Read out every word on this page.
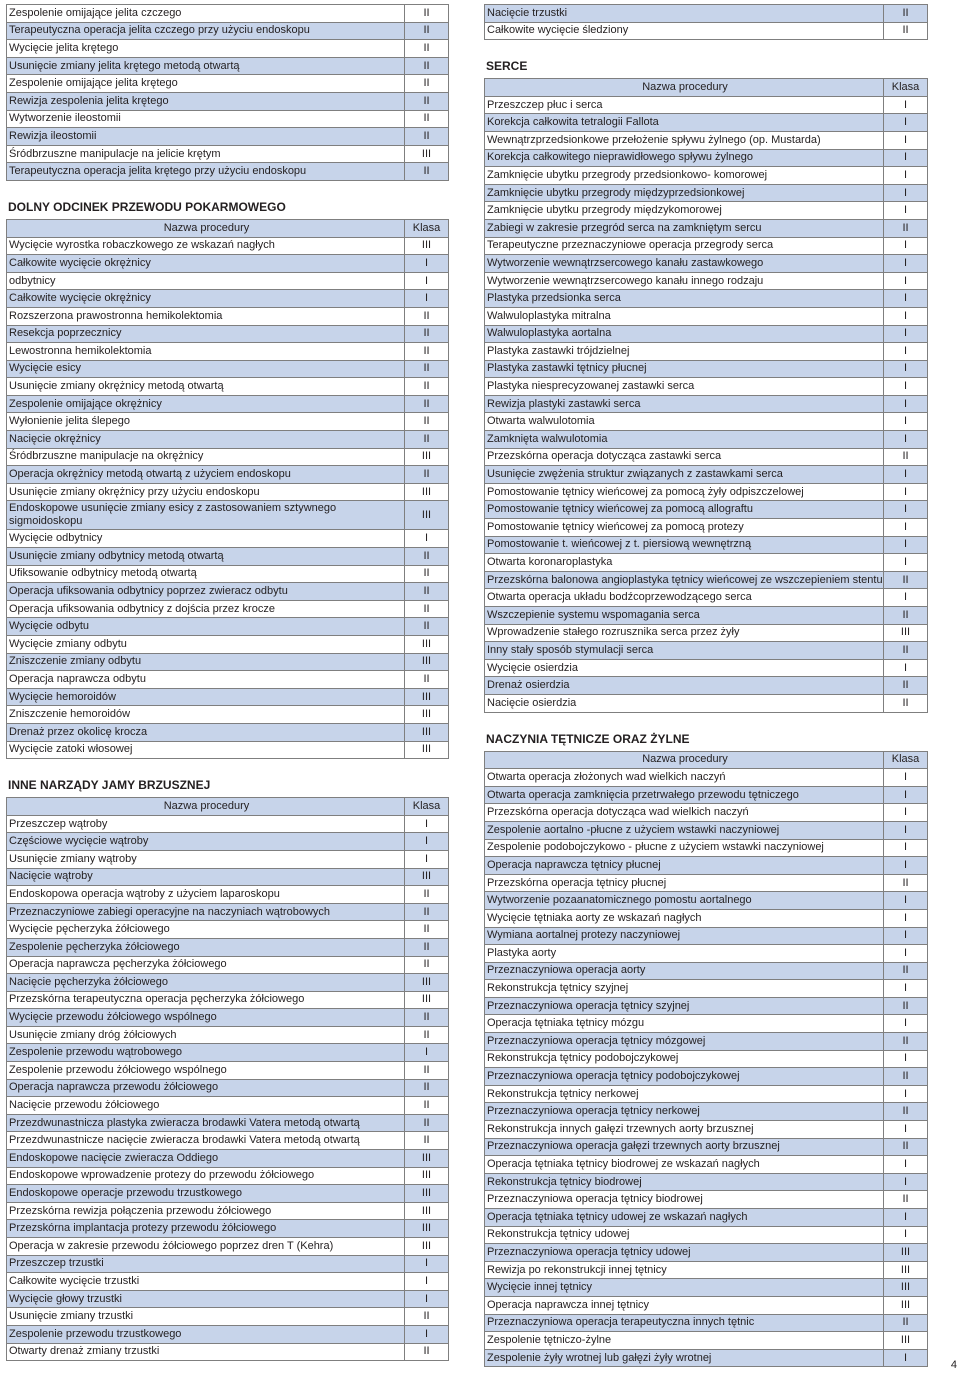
Zespolenie omijające jelita czczego	II
Terapeutyczna operacja jelita czczego przy użyciu endoskopu	II
Wycięcie jelita krętego	II
Usunięcie zmiany jelita krętego metodą otwartą	II
Zespolenie omijające jelita krętego	II
Rewizja zespolenia jelita krętego	II
Wytworzenie ileostomii	II
Rewizja ileostomii	II
Śródbrzuszne manipulacje na jelicie krętym	III
Terapeutyczna operacja jelita krętego przy użyciu endoskopu	II
DOLNY ODCINEK PRZEWODU POKARMOWEGO
Nazwa procedury	Klasa
Wycięcie wyrostka robaczkowego ze wskazań nagłych	III
Całkowite wycięcie okrężnicy	I
odbytnicy	I
Całkowite wycięcie okrężnicy	I
Rozszerzona prawostronna hemikolektomia	II
Resekcja poprzecznicy	II
Lewostronna hemikolektomia	II
Wycięcie esicy	II
Usunięcie zmiany okrężnicy metodą otwartą	II
Zespolenie omijające okrężnicy	II
Wyłonienie jelita ślepego	II
Nacięcie okrężnicy	II
Śródbrzuszne manipulacje na okrężnicy	III
Operacja okrężnicy metodą otwartą z użyciem endoskopu	II
Usunięcie zmiany okrężnicy przy użyciu endoskopu	III
Endoskopowe usunięcie zmiany esicy z zastosowaniem sztywnego sigmoidoskopu	III
Wycięcie odbytnicy	I
Usunięcie zmiany odbytnicy metodą otwartą	II
Ufiksowanie odbytnicy metodą otwartą	II
Operacja ufiksowania odbytnicy poprzez zwieracz odbytu	II
Operacja ufiksowania odbytnicy z dojścia przez krocze	II
Wycięcie odbytu	II
Wycięcie zmiany odbytu	III
Zniszczenie zmiany odbytu	III
Operacja naprawcza odbytu	II
Wycięcie hemoroidów	III
Zniszczenie hemoroidów	III
Drenaż przez okolicę krocza	III
Wycięcie zatoki włosowej	III
INNE NARZĄDY JAMY BRZUSZNEJ
Nazwa procedury	Klasa
Przeszczep wątroby	I
Częściowe wycięcie wątroby	I
Usunięcie zmiany wątroby	I
Nacięcie wątroby	III
Endoskopowa operacja wątroby z użyciem laparoskopu	II
Przeznaczyniowe zabiegi operacyjne na naczyniach wątrobowych	II
Wycięcie pęcherzyka żółciowego	II
Zespolenie pęcherzyka żółciowego	II
Operacja naprawcza pęcherzyka żółciowego	II
Nacięcie pęcherzyka żółciowego	III
Przezskórna terapeutyczna operacja pęcherzyka żółciowego	III
Wycięcie przewodu żółciowego wspólnego	II
Usunięcie zmiany dróg żółciowych	II
Zespolenie przewodu wątrobowego	I
Zespolenie przewodu żółciowego wspólnego	II
Operacja naprawcza przewodu żółciowego	II
Nacięcie przewodu żółciowego	II
Przezdwunastnicza plastyka zwieracza brodawki Vatera metodą otwartą	II
Przezdwunastnicze nacięcie zwieracza brodawki Vatera metodą otwartą	II
Endoskopowe nacięcie zwieracza Oddiego	III
Endoskopowe wprowadzenie protezy do przewodu żółciowego	III
Endoskopowe operacje przewodu trzustkowego	III
Przezskórna rewizja połączenia przewodu żółciowego	III
Przezskórna implantacja protezy przewodu żółciowego	III
Operacja w zakresie przewodu żółciowego poprzez dren T (Kehra)	III
Przeszczep trzustki	I
Całkowite wycięcie trzustki	I
Wycięcie głowy trzustki	I
Usunięcie zmiany trzustki	II
Zespolenie przewodu trzustkowego	I
Otwarty drenaż zmiany trzustki	II
Nacięcie trzustki	II
Całkowite wycięcie śledziony	II
SERCE
Nazwa procedury	Klasa
Przeszczep płuc i serca	I
Korekcja całkowita tetralogii Fallota	I
Wewnątrzprzedsionkowe przełożenie spływu żylnego (op. Mustarda)	I
Korekcja całkowitego nieprawidłowego spływu żylnego	I
Zamknięcie ubytku przegrody przedsionkowo- komorowej	I
Zamknięcie ubytku przegrody międzyprzedsionkowej	I
Zamknięcie ubytku przegrody międzykomorowej	I
Zabiegi w zakresie przegród serca na zamkniętym sercu	II
Terapeutyczne przeznaczyniowe operacja przegrody serca	I
Wytworzenie wewnątrzsercowego kanału zastawkowego	I
Wytworzenie wewnątrzsercowego kanału innego rodzaju	I
Plastyka przedsionka serca	I
Walwuloplastyka mitralna	I
Walwuloplastyka aortalna	I
Plastyka zastawki trójdzielnej	I
Plastyka zastawki tętnicy płucnej	I
Plastyka niesprecyzowanej zastawki serca	I
Rewizja plastyki zastawki serca	I
Otwarta walwulotomia	I
Zamknięta walwulotomia	I
Przezskórna operacja dotycząca zastawki serca	II
Usunięcie zwężenia struktur związanych z zastawkami serca	I
Pomostowanie tętnicy wieńcowej za pomocą żyły odpiszczelowej	I
Pomostowanie tętnicy wieńcowej za pomocą allograftu	I
Pomostowanie tętnicy wieńcowej za pomocą protezy	I
Pomostowanie t. wieńcowej z t. piersiową wewnętrzną	I
Otwarta koronaroplastyka	I
Przezskórna balonowa angioplastyka tętnicy wieńcowej ze wszczepieniem stentu	II
Otwarta operacja układu bodźcoprzewodzącego serca	I
Wszczepienie systemu wspomagania serca	II
Wprowadzenie stałego rozrusznika serca przez żyły	III
Inny stały sposób stymulacji serca	II
Wycięcie osierdzia	I
Drenaż osierdzia	II
Nacięcie osierdzia	II
NACZYNIA TĘTNICZE ORAZ ŻYLNE
Nazwa procedury	Klasa
Otwarta operacja złożonych wad wielkich naczyń	I
Otwarta operacja zamknięcia przetrwałego przewodu tętniczego	I
Przezskórna operacja dotycząca wad wielkich naczyń	I
Zespolenie aortalno -płucne z użyciem wstawki naczyniowej	I
Zespolenie podobojczykowo - płucne z użyciem wstawki naczyniowej	I
Operacja naprawcza tętnicy płucnej	I
Przezskórna operacja tętnicy płucnej	II
Wytworzenie pozaanatomicznego pomostu aortalnego	I
Wycięcie tętniaka aorty ze wskazań nagłych	I
Wymiana aortalnej protezy naczyniowej	I
Plastyka aorty	I
Przeznaczyniowa operacja aorty	II
Rekonstrukcja tętnicy szyjnej	I
Przeznaczyniowa operacja tętnicy szyjnej	II
Operacja tętniaka tętnicy mózgu	I
Przeznaczyniowa operacja tętnicy mózgowej	II
Rekonstrukcja tętnicy podobojczykowej	I
Przeznaczyniowa operacja tętnicy podobojczykowej	II
Rekonstrukcja tętnicy nerkowej	I
Przeznaczyniowa operacja tętnicy nerkowej	II
Rekonstrukcja innych gałęzi trzewnych aorty brzusznej	I
Przeznaczyniowa operacja gałęzi trzewnych aorty brzusznej	II
Operacja tętniaka tętnicy biodrowej ze wskazań nagłych	I
Rekonstrukcja tętnicy biodrowej	I
Przeznaczyniowa operacja tętnicy biodrowej	II
Operacja tętniaka tętnicy udowej ze wskazań nagłych	I
Rekonstrukcja tętnicy udowej	I
Przeznaczyniowa operacja tętnicy udowej	III
Rewizja po rekonstrukcji innej tętnicy	III
Wycięcie innej tętnicy	III
Operacja naprawcza innej tętnicy	III
Przeznaczyniowa operacja terapeutyczna innych tętnic	II
Zespolenie tętniczo-żylne	III
Zespolenie żyły wrotnej lub gałęzi żyły wrotnej	I
4
